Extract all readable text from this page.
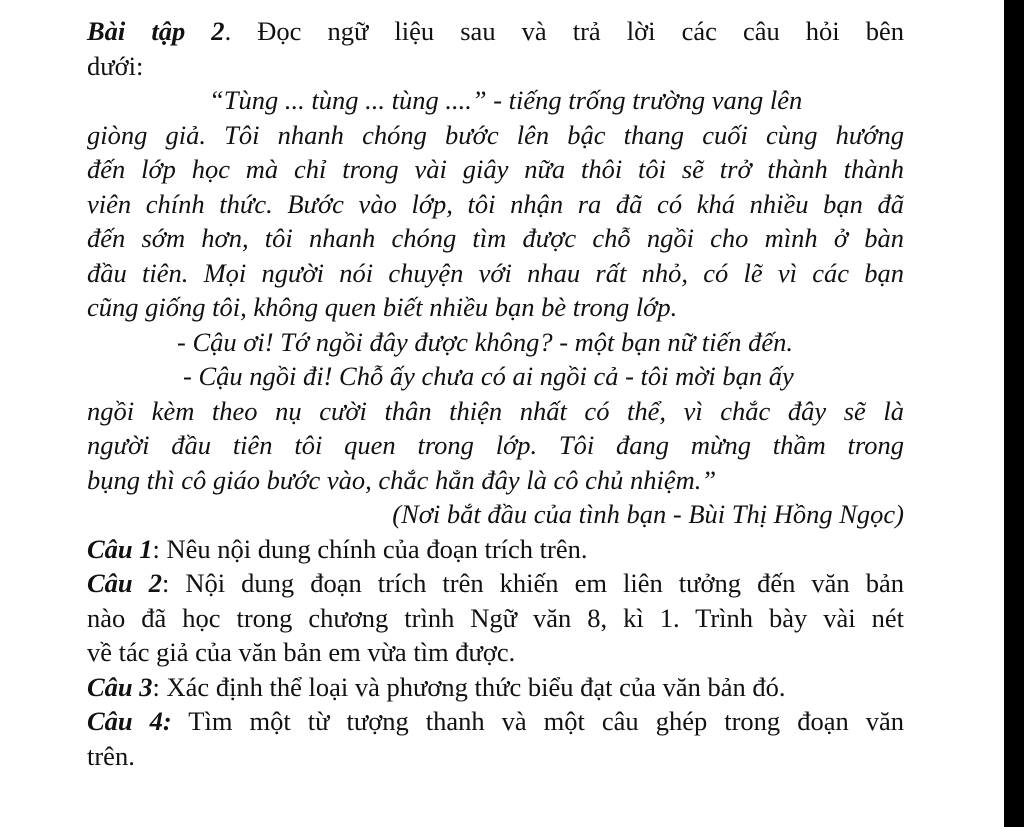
Bài tập 2. Đọc ngữ liệu sau và trả lời các câu hỏi bên
dưới:
“Tùng ... tùng ... tùng ....” - tiếng trống trường vang lên
giòng giả. Tôi nhanh chóng bước lên bậc thang cuối cùng hướng
đến lớp học mà chỉ trong vài giây nữa thôi tôi sẽ trở thành thành
viên chính thức. Bước vào lớp, tôi nhận ra đã có khá nhiều bạn đã
đến sớm hơn, tôi nhanh chóng tìm được chỗ ngồi cho mình ở bàn
đầu tiên. Mọi người nói chuyện với nhau rất nhỏ, có lẽ vì các bạn
cũng giống tôi, không quen biết nhiều bạn bè trong lớp.
- Cậu ơi! Tớ ngồi đây được không? - một bạn nữ tiến đến.
- Cậu ngồi đi! Chỗ ấy chưa có ai ngồi cả - tôi mời bạn ấy
ngồi kèm theo nụ cười thân thiện nhất có thể, vì chắc đây sẽ là
người đầu tiên tôi quen trong lớp. Tôi đang mừng thầm trong
bụng thì cô giáo bước vào, chắc hẳn đây là cô chủ nhiệm.”
(Nơi bắt đầu của tình bạn - Bùi Thị Hồng Ngọc)
Câu 1: Nêu nội dung chính của đoạn trích trên.
Câu 2: Nội dung đoạn trích trên khiến em liên tưởng đến văn bản
nào đã học trong chương trình Ngữ văn 8, kì 1. Trình bày vài nét
về tác giả của văn bản em vừa tìm được.
Câu 3: Xác định thể loại và phương thức biểu đạt của văn bản đó.
Câu 4: Tìm một từ tượng thanh và một câu ghép trong đoạn văn
trên.
